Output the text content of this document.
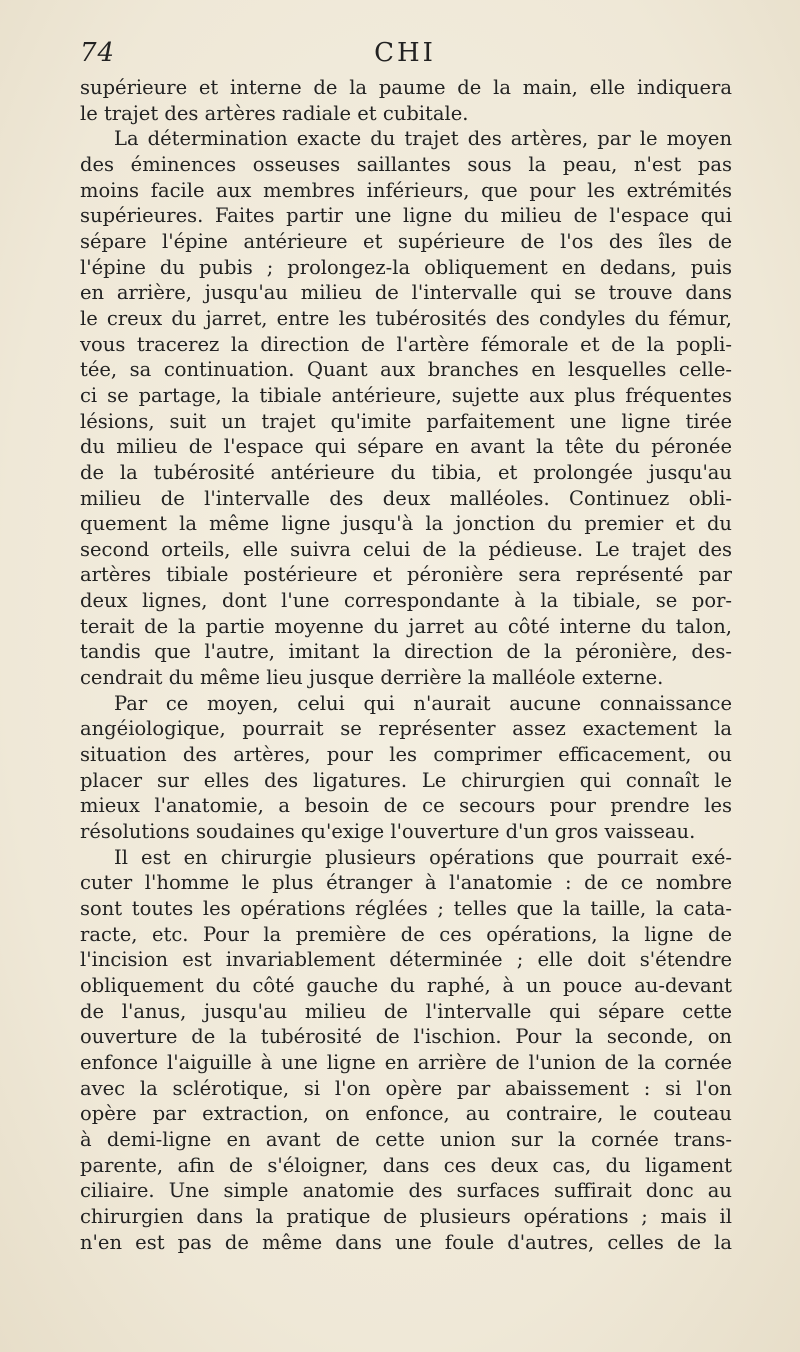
74	CHI
supérieure et interne de la paume de la main, elle indiquera
le trajet des artères radiale et cubitale.
La détermination exacte du trajet des artères, par le moyen
des éminences osseuses saillantes sous la peau, n'est pas
moins facile aux membres inférieurs, que pour les extrémités
supérieures. Faites partir une ligne du milieu de l'espace qui
sépare l'épine antérieure et supérieure de l'os des îles de
l'épine du pubis ; prolongez-la obliquement en dedans, puis
en arrière, jusqu'au milieu de l'intervalle qui se trouve dans
le creux du jarret, entre les tubérosités des condyles du fémur,
vous tracerez la direction de l'artère fémorale et de la popli-
tée, sa continuation. Quant aux branches en lesquelles celle-
ci se partage, la tibiale antérieure, sujette aux plus fréquentes
lésions, suit un trajet qu'imite parfaitement une ligne tirée
du milieu de l'espace qui sépare en avant la tête du péronée
de la tubérosité antérieure du tibia, et prolongée jusqu'au
milieu de l'intervalle des deux malléoles. Continuez obli-
quement la même ligne jusqu'à la jonction du premier et du
second orteils, elle suivra celui de la pédieuse. Le trajet des
artères tibiale postérieure et péronière sera représenté par
deux lignes, dont l'une correspondante à la tibiale, se por-
terait de la partie moyenne du jarret au côté interne du talon,
tandis que l'autre, imitant la direction de la péronière, des-
cendrait du même lieu jusque derrière la malléole externe.
Par ce moyen, celui qui n'aurait aucune connaissance
angéiologique, pourrait se représenter assez exactement la
situation des artères, pour les comprimer efficacement, ou
placer sur elles des ligatures. Le chirurgien qui connaît le
mieux l'anatomie, a besoin de ce secours pour prendre les
résolutions soudaines qu'exige l'ouverture d'un gros vaisseau.
Il est en chirurgie plusieurs opérations que pourrait exé-
cuter l'homme le plus étranger à l'anatomie : de ce nombre
sont toutes les opérations réglées ; telles que la taille, la cata-
racte, etc. Pour la première de ces opérations, la ligne de
l'incision est invariablement déterminée ; elle doit s'étendre
obliquement du côté gauche du raphé, à un pouce au-devant
de l'anus, jusqu'au milieu de l'intervalle qui sépare cette
ouverture de la tubérosité de l'ischion. Pour la seconde, on
enfonce l'aiguille à une ligne en arrière de l'union de la cornée
avec la sclérotique, si l'on opère par abaissement : si l'on
opère par extraction, on enfonce, au contraire, le couteau
à demi-ligne en avant de cette union sur la cornée trans-
parente, afin de s'éloigner, dans ces deux cas, du ligament
ciliaire. Une simple anatomie des surfaces suffirait donc au
chirurgien dans la pratique de plusieurs opérations ; mais il
n'en est pas de même dans une foule d'autres, celles de la
